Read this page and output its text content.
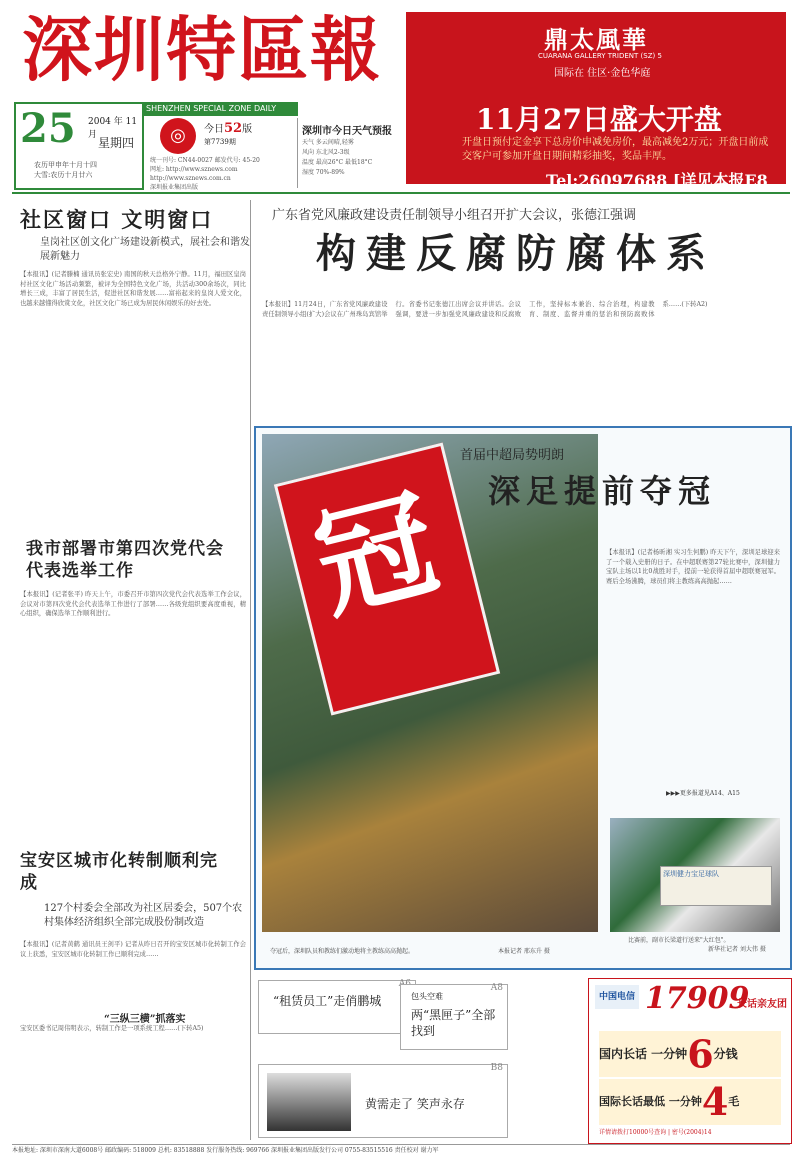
深圳特區報
25 2004 年 11 月
星期四
农历甲申年十月十四
大雪:农历十月廿六
SHENZHEN SPECIAL ZONE DAILY
◎	今日52版
第7739期
统一刊号: CN44-0027 邮发代号: 45-20
网址: http://www.sznews.com http://www.sznews.com.cn
深圳报业集团出版
深圳市今日天气预报
天气 多云间晴,轻雾
风向 东北风2-3级
温度 最高26°C 最低18°C
湿度 70%-89%
鼎太風華
CUARANA GALLERY TRIDENT (SZ) 5
国际在 住区·金色华庭
11月27日盛大开盘
开盘日预付定金享下总房价申减免房价，最高减免2万元；开盘日前成交客户可参加开盘日期间精彩抽奖，奖品丰厚。
Tel:26097688 [详见本报E8版]
社区窗口 文明窗口
皇岗社区创文化广场建设新模式，展社会和谐发展新魅力
【本报讯】(记者滕楠 通讯员张宏史) 南国的秋天总格外宁静。11月，福田区皇岗村社区文化广场活动频繁，被评为全国特色文化广场，共活动300余场次，同比增长三成，丰富了居民生活，促进社区和谐发展……富裕起来的皇岗人爱文化，也越来越懂得欣赏文化，社区文化广场已成为居民休闲娱乐的好去处。
我市部署市第四次党代会代表选举工作
【本报讯】(记者张平) 昨天上午，市委召开市第四次党代会代表选举工作会议，会议对市第四次党代会代表选举工作进行了部署……各级党组织要高度重视，精心组织，确保选举工作顺利进行。
宝安区城市化转制顺利完成
127个村委会全部改为社区居委会，507个农村集体经济组织全部完成股份制改造
【本报讯】(记者黄鹤 通讯员王剑平) 记者从昨日召开的宝安区城市化转制工作会议上获悉，宝安区城市化转制工作已顺利完成……
“三纵三横”抓落实
宝安区委书记周伟明表示，转制工作是一项系统工程……(下转A5)
广东省党风廉政建设责任制领导小组召开扩大会议，张德江强调
构建反腐防腐体系
【本报讯】11月24日，广东省党风廉政建设责任制领导小组(扩大)会议在广州珠岛宾馆举行。省委书记张德江出席会议并讲话。会议强调，要进一步加强党风廉政建设和反腐败工作，坚持标本兼治、综合治理，构建教育、制度、监督并重的惩治和预防腐败体系……(下转A2)
冠
首届中超局势明朗
深足提前夺冠
【本报讯】(记者杨昕湘 实习生何鹏) 昨天下午，深圳足球迎来了一个载入史册的日子。在中超联赛第27轮比赛中，深圳健力宝队主场以1比0战胜对手，提前一轮获得首届中超联赛冠军。赛后全场沸腾，球员们将主教练高高抛起……
▶▶▶更多报道见A14、A15
深圳健力宝足球队
夺冠后，深圳队员和教练们激动地将主教练高高抛起。	本报记者 邢东升 摄
比赛前，副市长梁道行送来"大红包"。
新华社记者 刘大伟 摄
“租赁员工”走俏鹏城
A8
包头空难
两“黑匣子”全部找到
B8
黄需走了 笑声永存
中国电信 17909
长话亲友团
国内长话 一分钟6分钱
国际长话最低 一分钟4毛
详情请拨打10000号查询 | 密号(2004)14
本报地址: 深圳市深南大道6008号 邮政编码: 518009 总机: 83518888 发行服务热线: 969766 深圳报业集团出版发行公司 0755-83515516 责任校对 谢力军
